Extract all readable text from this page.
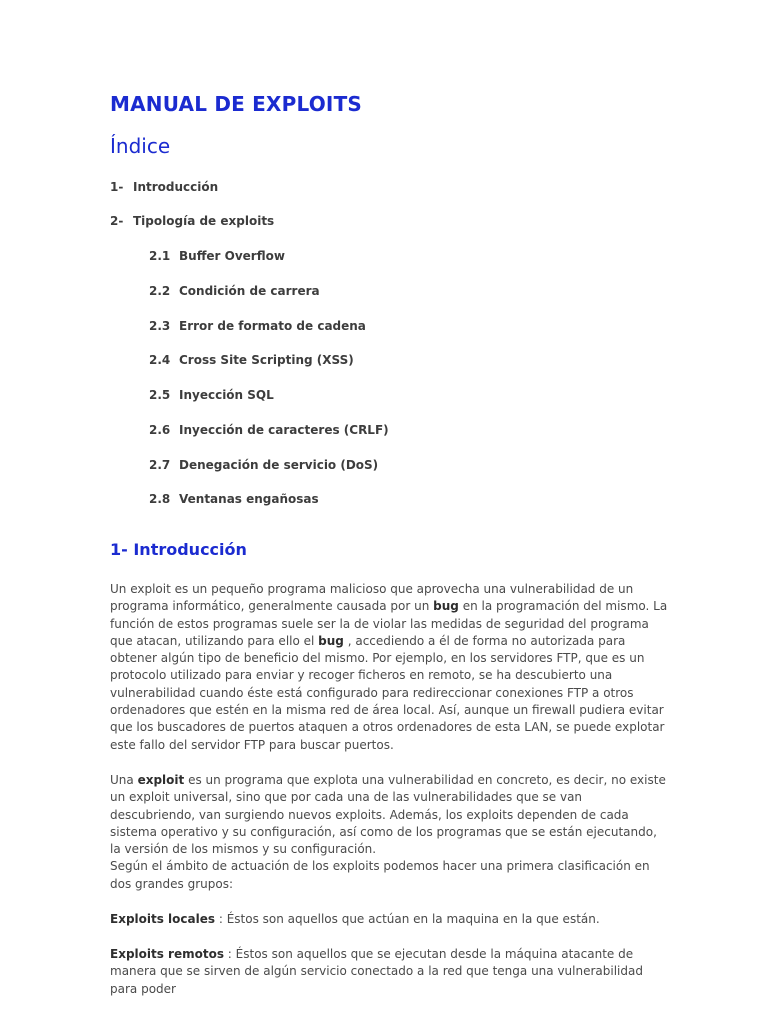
MANUAL DE EXPLOITS
Índice
1- Introducción
2- Tipología de exploits
2.1 Buffer Overflow
2.2 Condición de carrera
2.3 Error de formato de cadena
2.4 Cross Site Scripting (XSS)
2.5 Inyección SQL
2.6 Inyección de caracteres (CRLF)
2.7 Denegación de servicio (DoS)
2.8 Ventanas engañosas
1- Introducción

Un exploit es un pequeño programa malicioso que aprovecha una vulnerabilidad de un programa informático, generalmente causada por un bug en la programación del mismo. La función de estos programas suele ser la de violar las medidas de seguridad del programa que atacan, utilizando para ello el bug , accediendo a él de forma no autorizada para obtener algún tipo de beneficio del mismo. Por ejemplo, en los servidores FTP, que es un protocolo utilizado para enviar y recoger ficheros en remoto, se ha descubierto una vulnerabilidad cuando éste está configurado para redireccionar conexiones FTP a otros ordenadores que estén en la misma red de área local. Así, aunque un firewall pudiera evitar que los buscadores de puertos ataquen a otros ordenadores de esta LAN, se puede explotar este fallo del servidor FTP para buscar puertos.

Una exploit es un programa que explota una vulnerabilidad en concreto, es decir, no existe un exploit universal, sino que por cada una de las vulnerabilidades que se van descubriendo, van surgiendo nuevos exploits. Además, los exploits dependen de cada sistema operativo y su configuración, así como de los programas que se están ejecutando, la versión de los mismos y su configuración.
Según el ámbito de actuación de los exploits podemos hacer una primera clasificación en dos grandes grupos:

Exploits locales : Éstos son aquellos que actúan en la maquina en la que están.

Exploits remotos : Éstos son aquellos que se ejecutan desde la máquina atacante de manera que se sirven de algún servicio conectado a la red que tenga una vulnerabilidad para poder
